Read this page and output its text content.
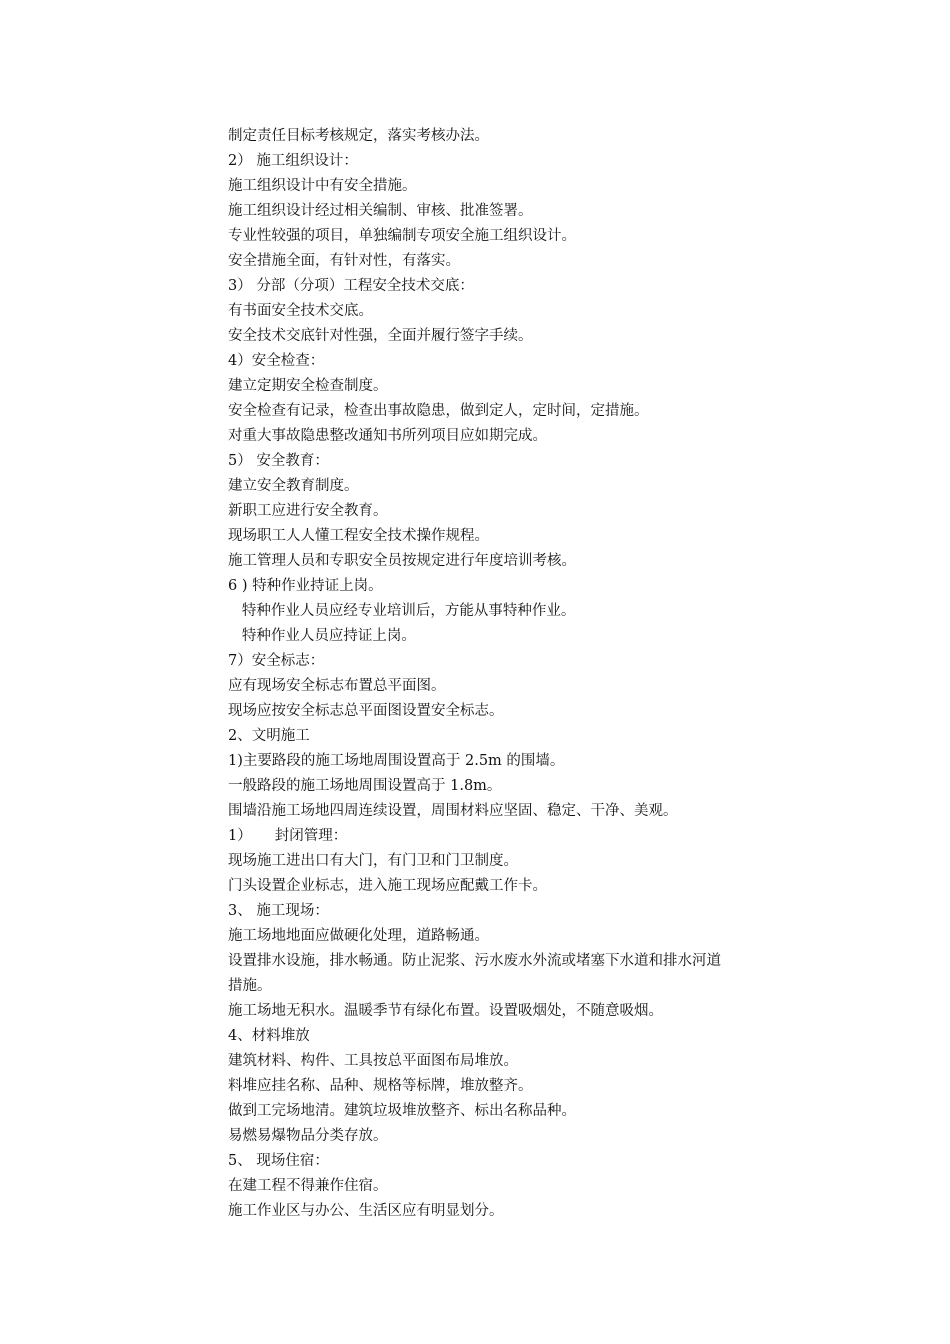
制定责任目标考核规定，落实考核办法。
2） 施工组织设计：
施工组织设计中有安全措施。
施工组织设计经过相关编制、审核、批准签署。
专业性较强的项目，单独编制专项安全施工组织设计。
安全措施全面，有针对性，有落实。
3） 分部（分项）工程安全技术交底：
有书面安全技术交底。
安全技术交底针对性强，全面并履行签字手续。
4）安全检查：
建立定期安全检查制度。
安全检查有记录，检查出事故隐患，做到定人，定时间，定措施。
对重大事故隐患整改通知书所列项目应如期完成。
5） 安全教育：
建立安全教育制度。
新职工应进行安全教育。
现场职工人人懂工程安全技术操作规程。
施工管理人员和专职安全员按规定进行年度培训考核。
6 ) 特种作业持证上岗。
特种作业人员应经专业培训后，方能从事特种作业。
特种作业人员应持证上岗。
7）安全标志：
应有现场安全标志布置总平面图。
现场应按安全标志总平面图设置安全标志。
2、文明施工
1)主要路段的施工场地周围设置高于 2.5m 的围墙。
一般路段的施工场地周围设置高于 1.8m。
围墙沿施工场地四周连续设置，周围材料应坚固、稳定、干净、美观。
1）     封闭管理：
现场施工进出口有大门，有门卫和门卫制度。
门头设置企业标志，进入施工现场应配戴工作卡。
3、 施工现场：
施工场地地面应做硬化处理，道路畅通。
设置排水设施，排水畅通。防止泥浆、污水废水外流或堵塞下水道和排水河道
措施。
施工场地无积水。温暖季节有绿化布置。设置吸烟处，不随意吸烟。
4、材料堆放
建筑材料、构件、工具按总平面图布局堆放。
料堆应挂名称、品种、规格等标牌，堆放整齐。
做到工完场地清。建筑垃圾堆放整齐、标出名称品种。
易燃易爆物品分类存放。
5、 现场住宿：
在建工程不得兼作住宿。
施工作业区与办公、生活区应有明显划分。
